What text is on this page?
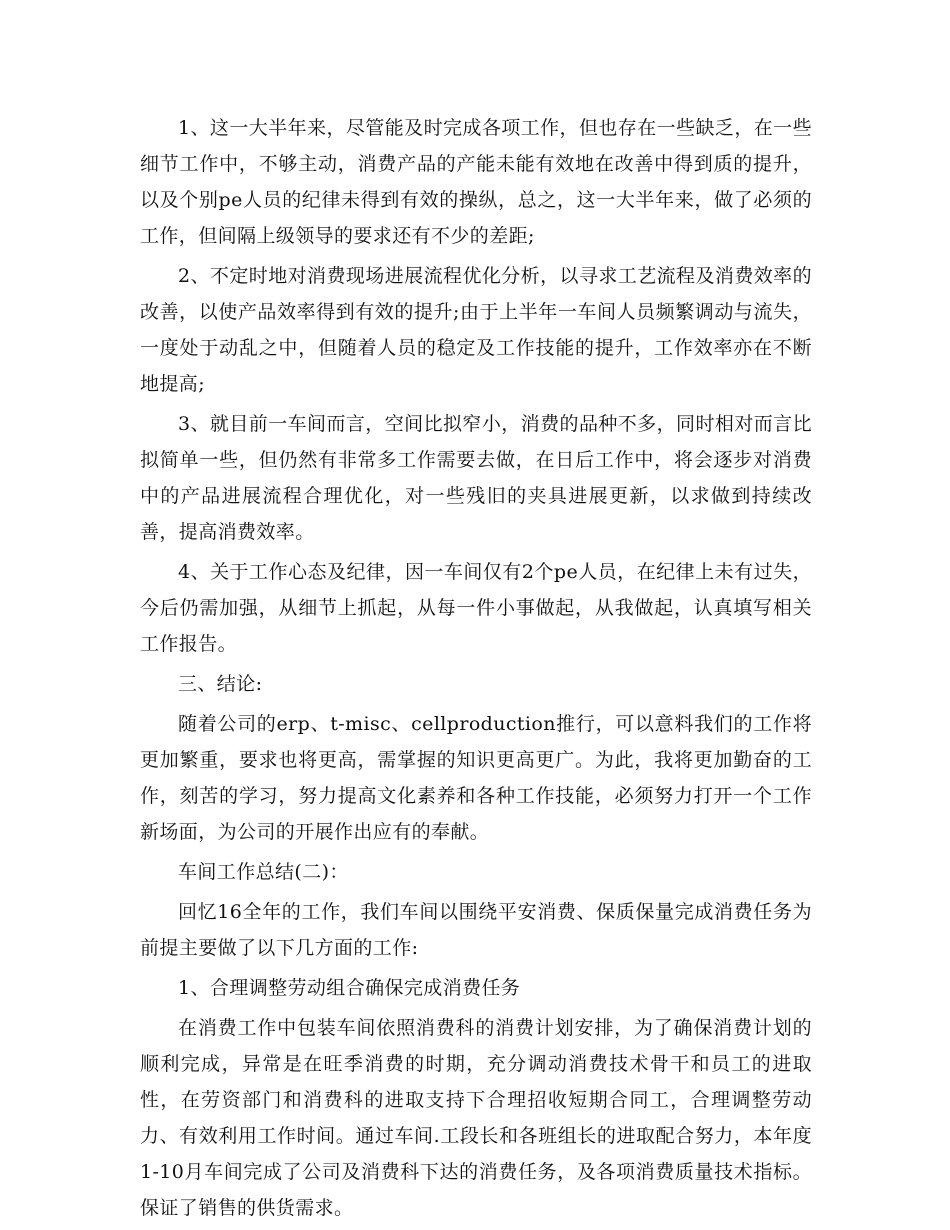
1、这一大半年来，尽管能及时完成各项工作，但也存在一些缺乏，在一些细节工作中，不够主动，消费产品的产能未能有效地在改善中得到质的提升，以及个别pe人员的纪律未得到有效的操纵，总之，这一大半年来，做了必须的工作，但间隔上级领导的要求还有不少的差距;

2、不定时地对消费现场进展流程优化分析，以寻求工艺流程及消费效率的改善，以使产品效率得到有效的提升;由于上半年一车间人员频繁调动与流失，一度处于动乱之中，但随着人员的稳定及工作技能的提升，工作效率亦在不断地提高;

3、就目前一车间而言，空间比拟窄小，消费的品种不多，同时相对而言比拟简单一些，但仍然有非常多工作需要去做，在日后工作中，将会逐步对消费中的产品进展流程合理优化，对一些残旧的夹具进展更新，以求做到持续改善，提高消费效率。

4、关于工作心态及纪律，因一车间仅有2个pe人员，在纪律上未有过失，今后仍需加强，从细节上抓起，从每一件小事做起，从我做起，认真填写相关工作报告。

三、结论:

随着公司的erp、t-misc、cellproduction推行，可以意料我们的工作将更加繁重，要求也将更高，需掌握的知识更高更广。为此，我将更加勤奋的工作，刻苦的学习，努力提高文化素养和各种工作技能，必须努力打开一个工作新场面，为公司的开展作出应有的奉献。

车间工作总结(二)：

回忆16全年的工作，我们车间以围绕平安消费、保质保量完成消费任务为前提主要做了以下几方面的工作:

1、合理调整劳动组合确保完成消费任务

在消费工作中包装车间依照消费科的消费计划安排，为了确保消费计划的顺利完成，异常是在旺季消费的时期，充分调动消费技术骨干和员工的进取性，在劳资部门和消费科的进取支持下合理招收短期合同工，合理调整劳动力、有效利用工作时间。通过车间.工段长和各班组长的进取配合努力，本年度1-10月车间完成了公司及消费科下达的消费任务，及各项消费质量技术指标。保证了销售的供货需求。
